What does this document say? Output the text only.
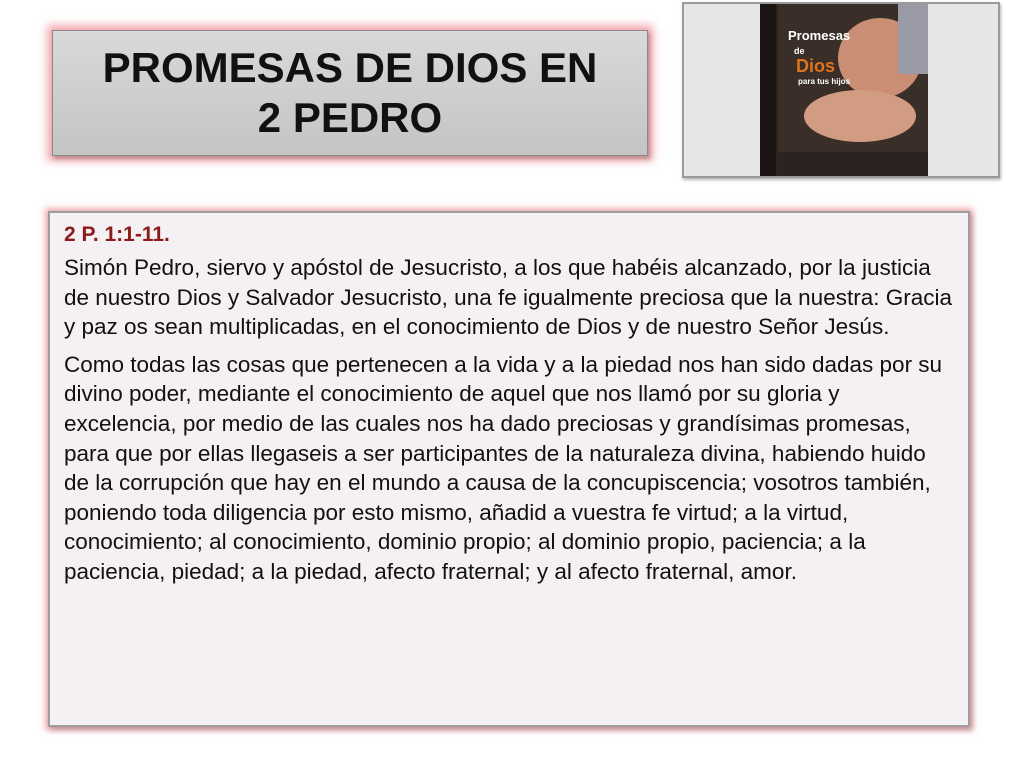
PROMESAS DE DIOS EN
2 PEDRO
Promesas
de
Dios
para tus hijos

2 P. 1:1-11.

Simón Pedro, siervo y apóstol de Jesucristo, a los que habéis alcanzado, por la justicia de nuestro Dios y Salvador Jesucristo, una fe igualmente preciosa que la nuestra: Gracia y paz os sean multiplicadas, en el conocimiento de Dios y de nuestro Señor Jesús.

Como todas las cosas que pertenecen a la vida y a la piedad nos han sido dadas por su divino poder, mediante el conocimiento de aquel que nos llamó por su gloria y excelencia, por medio de las cuales nos ha dado preciosas y grandísimas promesas, para que por ellas llegaseis a ser participantes de la naturaleza divina, habiendo huido de la corrupción que hay en el mundo a causa de la concupiscencia; vosotros también, poniendo toda diligencia por esto mismo, añadid a vuestra fe virtud; a la virtud, conocimiento; al conocimiento, dominio propio; al dominio propio, paciencia; a la paciencia, piedad; a la piedad, afecto fraternal; y al afecto fraternal, amor.
